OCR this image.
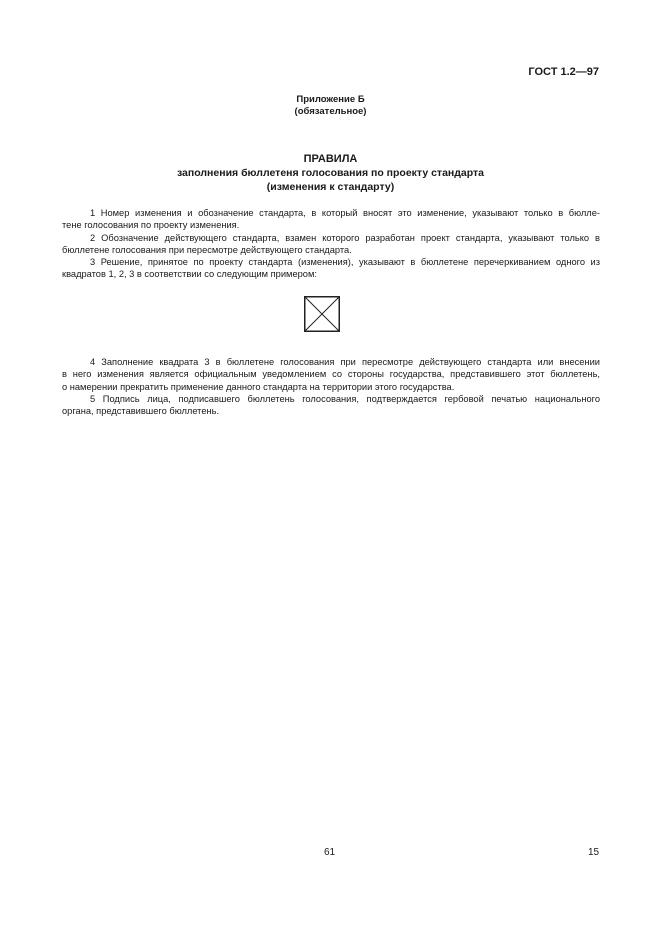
ГОСТ 1.2—97
Приложение Б
(обязательное)
ПРАВИЛА
заполнения бюллетеня голосования по проекту стандарта
(изменения к стандарту)
1 Номер изменения и обозначение стандарта, в который вносят это изменение, указывают только в бюлле-
тене голосования по проекту изменения.
2 Обозначение действующего стандарта, взамен которого разработан проект стандарта, указывают только в
бюллетене голосования при пересмотре действующего стандарта.
3 Решение, принятое по проекту стандарта (изменения), указывают в бюллетене перечеркиванием одного из
квадратов 1, 2, 3 в соответствии со следующим примером:
4 Заполнение квадрата 3 в бюллетене голосования при пересмотре действующего стандарта или внесении
в него изменения является официальным уведомлением со стороны государства, представившего этот бюллетень,
о намерении прекратить применение данного стандарта на территории этого государства.
5 Подпись лица, подписавшего бюллетень голосования, подтверждается гербовой печатью национального
органа, представившего бюллетень.
61	15
